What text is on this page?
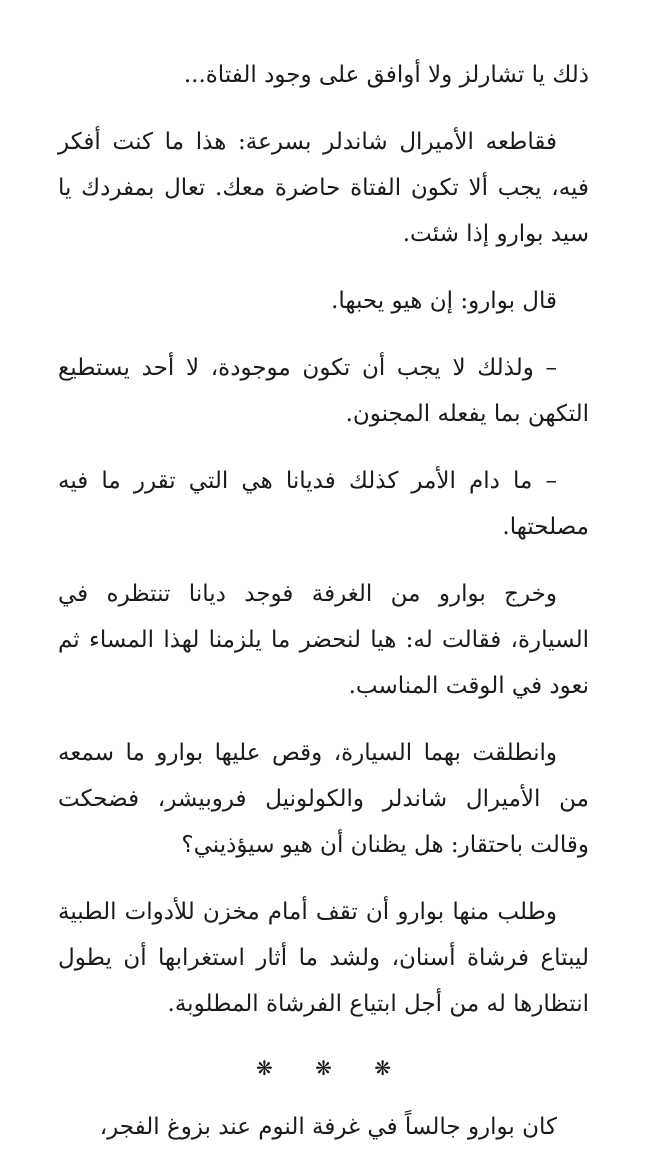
ذلك يا تشارلز ولا أوافق على وجود الفتاة...

فقاطعه الأميرال شاندلر بسرعة: هذا ما كنت أفكر فيه، يجب ألا تكون الفتاة حاضرة معك. تعال بمفردك يا سيد بوارو إذا شئت.

قال بوارو: إن هيو يحبها.

– ولذلك لا يجب أن تكون موجودة، لا أحد يستطيع التكهن بما يفعله المجنون.

– ما دام الأمر كذلك فديانا هي التي تقرر ما فيه مصلحتها.

وخرج بوارو من الغرفة فوجد ديانا تنتظره في السيارة، فقالت له: هيا لنحضر ما يلزمنا لهذا المساء ثم نعود في الوقت المناسب.

وانطلقت بهما السيارة، وقص عليها بوارو ما سمعه من الأميرال شاندلر والكولونيل فروبيشر، فضحكت وقالت باحتقار: هل يظنان أن هيو سيؤذيني؟

وطلب منها بوارو أن تقف أمام مخزن للأدوات الطبية ليبتاع فرشاة أسنان، ولشد ما أثار استغرابها أن يطول انتظارها له من أجل ابتياع الفرشاة المطلوبة.

❋ ❋ ❋

كان بوارو جالساً في غرفة النوم عند بزوغ الفجر،
